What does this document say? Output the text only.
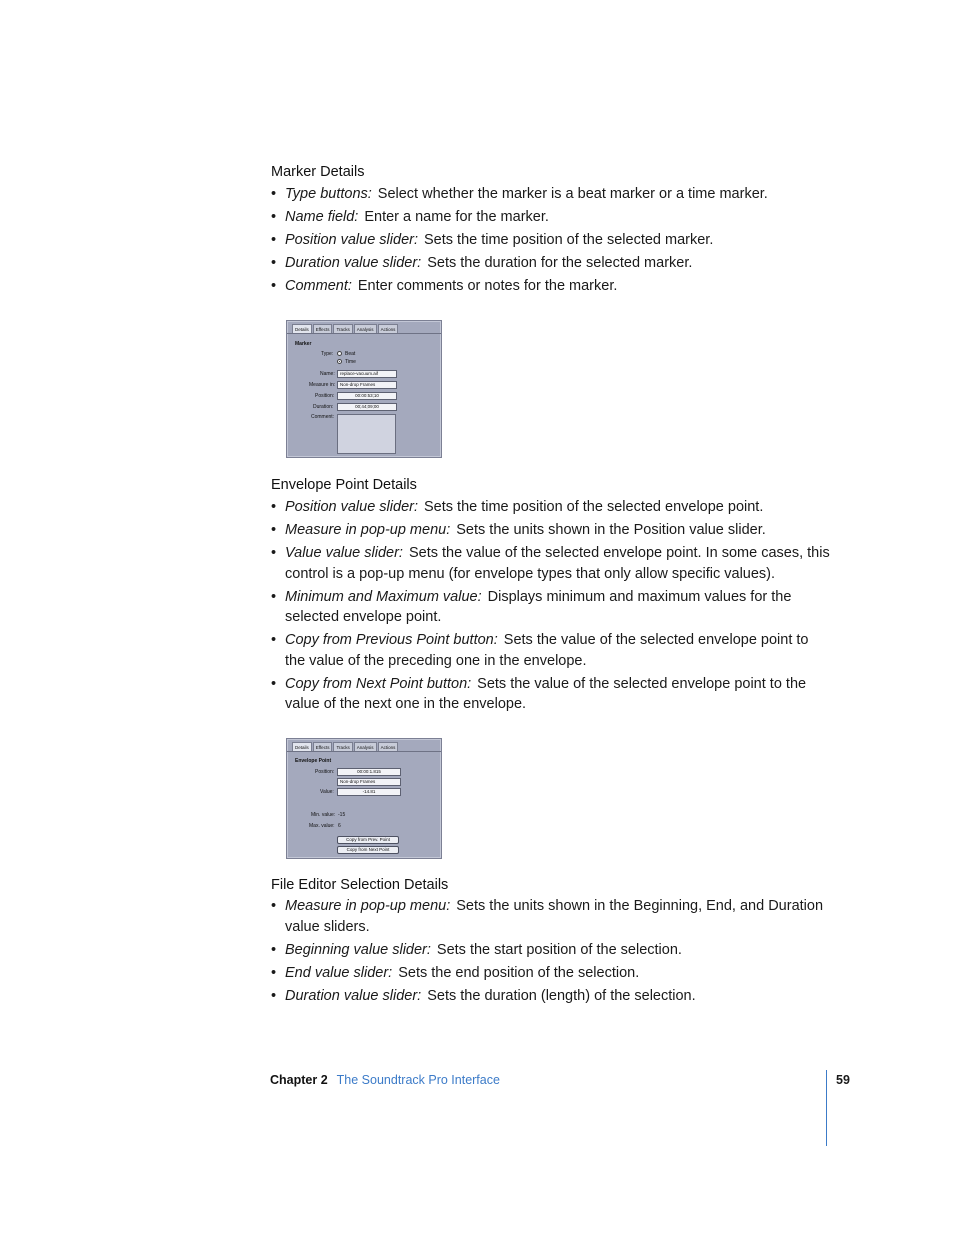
Marker Details
• Type buttons: Select whether the marker is a beat marker or a time marker.
• Name field: Enter a name for the marker.
• Position value slider: Sets the time position of the selected marker.
• Duration value slider: Sets the duration for the selected marker.
• Comment: Enter comments or notes for the marker.
Details	Effects	Tracks	Analysis	Actions
Marker
Type: Beat
Time
Name:	replace-vacuum.aif
Measure in:	Non-drop Frames
Position:	00:00:53;10
Duration:	00;44;09;00
Comment:
Envelope Point Details
• Position value slider: Sets the time position of the selected envelope point.
• Measure in pop-up menu: Sets the units shown in the Position value slider.
• Value value slider: Sets the value of the selected envelope point. In some cases, this control is a pop-up menu (for envelope types that only allow specific values).
• Minimum and Maximum value: Displays minimum and maximum values for the selected envelope point.
• Copy from Previous Point button: Sets the value of the selected envelope point to the value of the preceding one in the envelope.
• Copy from Next Point button: Sets the value of the selected envelope point to the value of the next one in the envelope.
Details	Effects	Tracks	Analysis	Actions
Envelope Point
Position:	00:00:1.815
Non-drop Frames
Value:	-14.81
Min. value: -15
Max. value: 6
Copy from Prev. Point
Copy from Next Point
File Editor Selection Details
• Measure in pop-up menu: Sets the units shown in the Beginning, End, and Duration value sliders.
• Beginning value slider: Sets the start position of the selection.
• End value slider: Sets the end position of the selection.
• Duration value slider: Sets the duration (length) of the selection.
Chapter 2 The Soundtrack Pro Interface	59
